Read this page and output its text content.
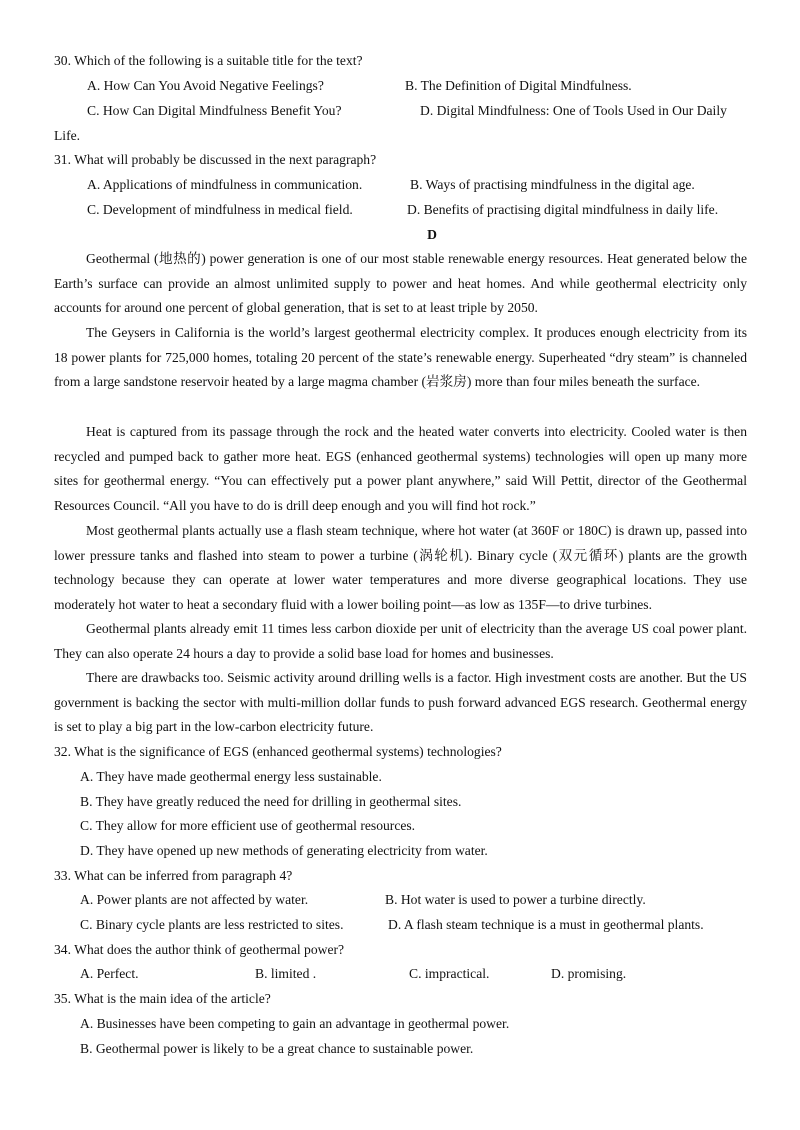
30. Which of the following is a suitable title for the text?
A. How Can You Avoid Negative Feelings?	B. The Definition of Digital Mindfulness.
C. How Can Digital Mindfulness Benefit You?	D. Digital Mindfulness: One of Tools Used in Our Daily
Life.
31. What will probably be discussed in the next paragraph?
A. Applications of mindfulness in communication.	B. Ways of practising mindfulness in the digital age.
C. Development of mindfulness in medical field.	D. Benefits of practising digital mindfulness in daily life.
D

Geothermal (地热的) power generation is one of our most stable renewable energy resources. Heat generated below the Earth’s surface can provide an almost unlimited supply to power and heat homes. And while geothermal electricity only accounts for around one percent of global generation, that is set to at least triple by 2050.

The Geysers in California is the world’s largest geothermal electricity complex. It produces enough electricity from its 18 power plants for 725,000 homes, totaling 20 percent of the state’s renewable energy. Superheated “dry steam” is channeled from a large sandstone reservoir heated by a large magma chamber (岩浆房) more than four miles beneath the surface.

Heat is captured from its passage through the rock and the heated water converts into electricity. Cooled water is then recycled and pumped back to gather more heat. EGS (enhanced geothermal systems) technologies will open up many more sites for geothermal energy. “You can effectively put a power plant anywhere,” said Will Pettit, director of the Geothermal Resources Council. “All you have to do is drill deep enough and you will find hot rock.”

Most geothermal plants actually use a flash steam technique, where hot water (at 360F or 180C) is drawn up, passed into lower pressure tanks and flashed into steam to power a turbine (涡轮机). Binary cycle (双元循环) plants are the growth technology because they can operate at lower water temperatures and more diverse geographical locations. They use moderately hot water to heat a secondary fluid with a lower boiling point—as low as 135F—to drive turbines.

Geothermal plants already emit 11 times less carbon dioxide per unit of electricity than the average US coal power plant. They can also operate 24 hours a day to provide a solid base load for homes and businesses.

There are drawbacks too. Seismic activity around drilling wells is a factor. High investment costs are another. But the US government is backing the sector with multi-million dollar funds to push forward advanced EGS research. Geothermal energy is set to play a big part in the low-carbon electricity future.

32. What is the significance of EGS (enhanced geothermal systems) technologies?
A. They have made geothermal energy less sustainable.
B. They have greatly reduced the need for drilling in geothermal sites.
C. They allow for more efficient use of geothermal resources.
D. They have opened up new methods of generating electricity from water.
33. What can be inferred from paragraph 4?
A. Power plants are not affected by water.	B. Hot water is used to power a turbine directly.
C. Binary cycle plants are less restricted to sites.	D. A flash steam technique is a must in geothermal plants.
34. What does the author think of geothermal power?
A. Perfect.	B. limited .	C. impractical.	D. promising.
35. What is the main idea of the article?
A. Businesses have been competing to gain an advantage in geothermal power.
B. Geothermal power is likely to be a great chance to sustainable power.
